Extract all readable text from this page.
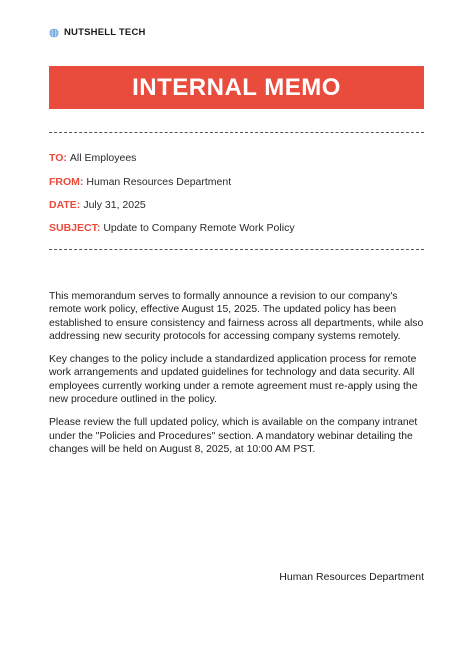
NUTSHELL TECH
INTERNAL MEMO
TO: All Employees
FROM: Human Resources Department
DATE: July 31, 2025
SUBJECT: Update to Company Remote Work Policy

This memorandum serves to formally announce a revision to our company's remote work policy, effective August 15, 2025. The updated policy has been established to ensure consistency and fairness across all departments, while also addressing new security protocols for accessing company systems remotely.

Key changes to the policy include a standardized application process for remote work arrangements and updated guidelines for technology and data security. All employees currently working under a remote agreement must re-apply using the new procedure outlined in the policy.

Please review the full updated policy, which is available on the company intranet under the "Policies and Procedures" section. A mandatory webinar detailing the changes will be held on August 8, 2025, at 10:00 AM PST.

Human Resources Department
